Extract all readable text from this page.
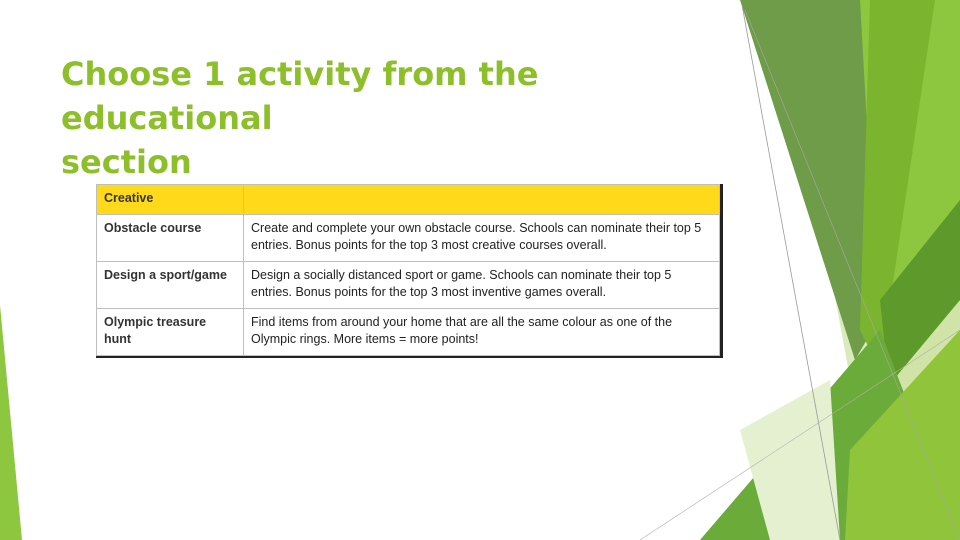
Choose 1 activity from the educational
section
Creative	
Obstacle course	Create and complete your own obstacle course. Schools can nominate their top 5 entries. Bonus points for the top 3 most creative courses overall.
Design a sport/game	Design a socially distanced sport or game. Schools can nominate their top 5 entries. Bonus points for the top 3 most inventive games overall.
Olympic treasure hunt	Find items from around your home that are all the same colour as one of the Olympic rings. More items = more points!
